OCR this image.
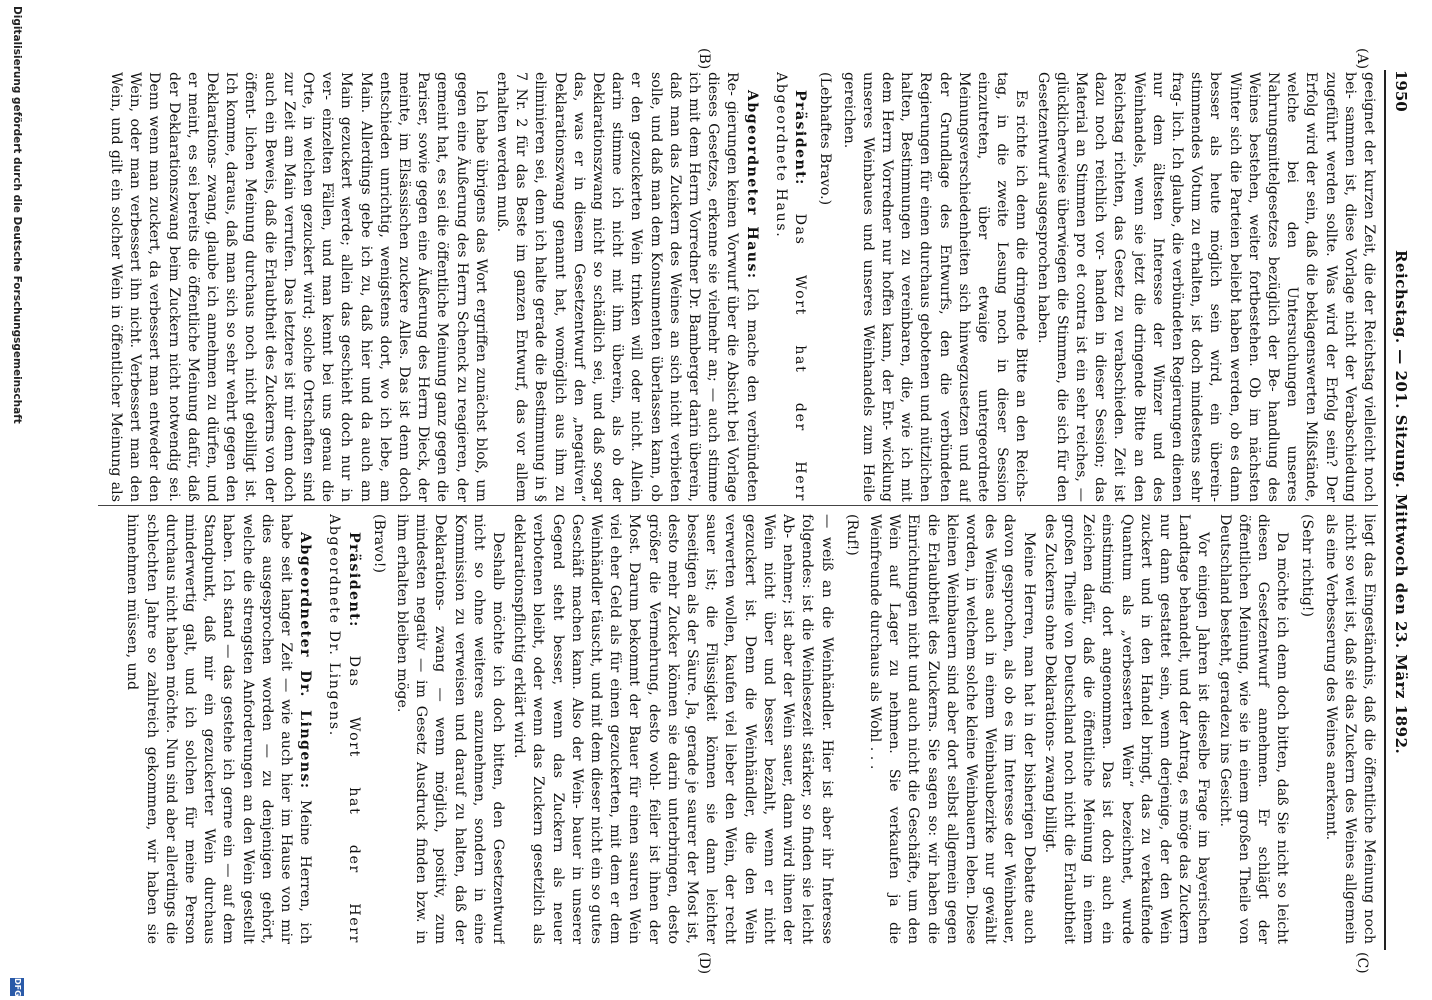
1950
Reichstag. — 201. Sitzung. Mittwoch den 23. März 1892.
(A)
(B)
(C)
(D)

geeignet der kurzen Zeit, die der Reichstag vielleicht noch bei- sammen ist, diese Vorlage nicht der Verabschiedung zugeführt werden sollte. Was wird der Erfolg sein? Der Erfolg wird der sein, daß die beklagenswerten Mißstände, welche bei den Untersuchungen unseres Nahrungsmittelgesetzes bezüglich der Be- handlung des Weines bestehen, weiter fortbestehen. Ob im nächsten Winter sich die Parteien beliebt haben werden, ob es dann besser als heute möglich sein wird, ein überein- stimmendes Votum zu erhalten, ist doch mindestens sehr frag- lich. Ich glaube, die verbündeten Regierungen dienen nur dem ältesten Interesse der Winzer und des Weinhandels, wenn sie jetzt die dringende Bitte an den Reichstag richten, das Gesetz zu verabschieden. Zeit ist dazu noch reichlich vor- handen in dieser Session; das Material an Stimmen pro et contra ist ein sehr reiches, — glücklicherweise überwiegen die Stimmen, die sich für den Gesetzentwurf ausgesprochen haben.

Es richte ich denn die dringende Bitte an den Reichs- tag, in die zweite Lesung noch in dieser Session einzutreten, über etwaige untergeordnete Meinungsverschiedenheiten sich hinwegzusetzen und auf der Grundlage des Entwurfs, den die verbündeten Regierungen für einen durchaus gebotenen und nützlichen halten, Bestimmungen zu vereinbaren, die, wie ich mit dem Herrn Vorredner nur hoffen kann, der Ent- wicklung unseres Weinbaues und unseres Weinhandels zum Heile gereichen.

(Lebhaftes Bravo.)

Präsident: Das Wort hat der Herr Abgeordnete Haus.

Abgeordneter Haus: Ich mache den verbündeten Re- gierungen keinen Vorwurf über die Absicht bei Vorlage dieses Gesetzes, erkenne sie vielmehr an; — auch stimme ich mit dem Herrn Vorredner Dr. Bamberger darin überein, daß man das Zuckern des Weines an sich nicht verbieten solle, und daß man dem Konsumenten überlassen kann, ob er den gezuckerten Wein trinken will oder nicht. Allein darin stimme ich nicht mit ihm überein, als ob der Deklarationszwang nicht so schädlich sei, und daß sogar das, was er in diesem Gesetzentwurf den „negativen“ Deklarationszwang genannt hat, womöglich aus ihm zu eliminieren sei, denn ich halte gerade die Bestimmung in § 7 Nr. 2 für das Beste im ganzen Entwurf, das vor allem erhalten werden muß.

Ich habe übrigens das Wort ergriffen zunächst bloß, um gegen eine Äußerung des Herrn Schenck zu reagieren, der gemeint hat, es sei die öffentliche Meinung ganz gegen die Pariser, sowie gegen eine Äußerung des Herrn Dieck, der meinte, im Elsässischen zuckere Alles. Das ist denn doch entschieden unrichtig, wenigstens dort, wo ich lebe, am Main. Allerdings gebe ich zu, daß hier und da auch am Main gezuckert werde; allein das geschieht doch nur in ver- einzelten Fällen, und man kennt bei uns genau die Orte, in welchen gezuckert wird; solche Ortschaften sind zur Zeit am Main verrufen. Das letztere ist mir denn doch auch ein Beweis, daß die Erlaubtheit des Zuckerns von der öffent- lichen Meinung durchaus noch nicht gebilligt ist. Ich komme, daraus, daß man sich so sehr wehrt gegen den Deklarations- zwang, glaube ich annehmen zu dürfen, und er meint, es sei bereits die öffentliche Meinung dafür, daß der Deklarationszwang beim Zuckern nicht notwendig sei. Denn wenn man zuckert, da verbessert man entweder den Wein, oder man verbessert ihn nicht. Verbessert man den Wein, und gilt ein solcher Wein in öffentlicher Meinung als

liegt das Eingeständnis, daß die öffentliche Meinung noch nicht so weit ist, daß sie das Zuckern des Weines allgemein als eine Verbesserung des Weines anerkennt.

(Sehr richtig!)

Da möchte ich denn doch bitten, daß Sie nicht so leicht diesen Gesetzentwurf annehmen. Er schlägt der öffentlichen Meinung, wie sie in einem großen Theile von Deutschland besteht, geradezu ins Gesicht.

Vor einigen Jahren ist dieselbe Frage im bayerischen Landtage behandelt, und der Antrag, es möge das Zuckern nur dann gestattet sein, wenn derjenige, der den Wein zuckert und in den Handel bringt, das zu verkaufende Quantum als „verbesserten Wein“ bezeichnet, wurde einstimmig dort angenommen. Das ist doch auch ein Zeichen dafür, daß die öffentliche Meinung in einem großen Theile von Deutschland noch nicht die Erlaubtheit des Zuckerns ohne Deklarations- zwang billigt.

Meine Herren, man hat in der bisherigen Debatte auch davon gesprochen, als ob es im Interesse der Weinbauer, des Weines auch in einem Weinbaubezirke nur gewählt worden, in welchem solche kleine Weinbauern leben. Diese kleinen Weinbauern sind aber dort selbst allgemein gegen die Erlaubtheit des Zuckerns. Sie sagen so: wir haben die Einrichtungen nicht und auch nicht die Geschäfte, um den Wein auf Lager zu nehmen. Sie verkaufen ja die Weinfreunde durchaus als Wohl . . .

(Ruf!)

— weiß an die Weinhändler. Hier ist aber ihr Interesse folgendes: ist die Weinlesezeit stärker, so finden sie leicht Ab- nehmer; ist aber der Wein sauer, dann wird ihnen der Wein nicht über und besser bezahlt, wenn er nicht gezuckert ist. Denn die Weinhändler, die den Wein verwerten wollen, kaufen viel lieber den Wein, der recht sauer ist; die Flüssigkeit können sie dann leichter beseitigen als der Säure. Ja, gerade je saurer der Most ist, desto mehr Zucker können sie darin unterbringen, desto größer die Vermehrung, desto wohl- feiler ist ihnen der Most. Darum bekommt der Bauer für einen sauren Wein viel eher Geld als für einen gezuckerten, mit dem er dem Weinhändler täuscht, und mit dem dieser nicht ein so gutes Geschäft machen kann. Also der Wein- bauer in unserer Gegend steht besser, wenn das Zuckern als neuer verbotenen bleibt, oder wenn das Zuckern gesetzlich als deklarationspflichtig erklärt wird.

Deshalb möchte ich doch bitten, den Gesetzentwurf nicht so ohne weiteres anzunehmen, sondern in eine Kommission zu verweisen und darauf zu halten, daß der Deklarations- zwang — wenn möglich, positiv, zum mindesten negativ — im Gesetz Ausdruck finden bzw. in ihm erhalten bleiben möge.

(Bravo!)

Präsident: Das Wort hat der Herr Abgeordnete Dr. Lingens.

Abgeordneter Dr. Lingens: Meine Herren, ich habe seit langer Zeit — wie auch hier im Hause von mir dies ausgesprochen worden — zu denjenigen gehört, welche die strengsten Anforderungen an den Wein gestellt haben. Ich stand — das gestehe ich gerne ein — auf dem Standpunkt, daß mir ein gezuckerter Wein durchaus minderwertig galt, und ich solchen für meine Person durchaus nicht haben möchte. Nun sind aber allerdings die schlechten Jahre so zahlreich gekommen, wir haben sie hinnehmen müssen, und

Digitalisierung gefördert durch die Deutsche Forschungsgemeinschaft
DFG
